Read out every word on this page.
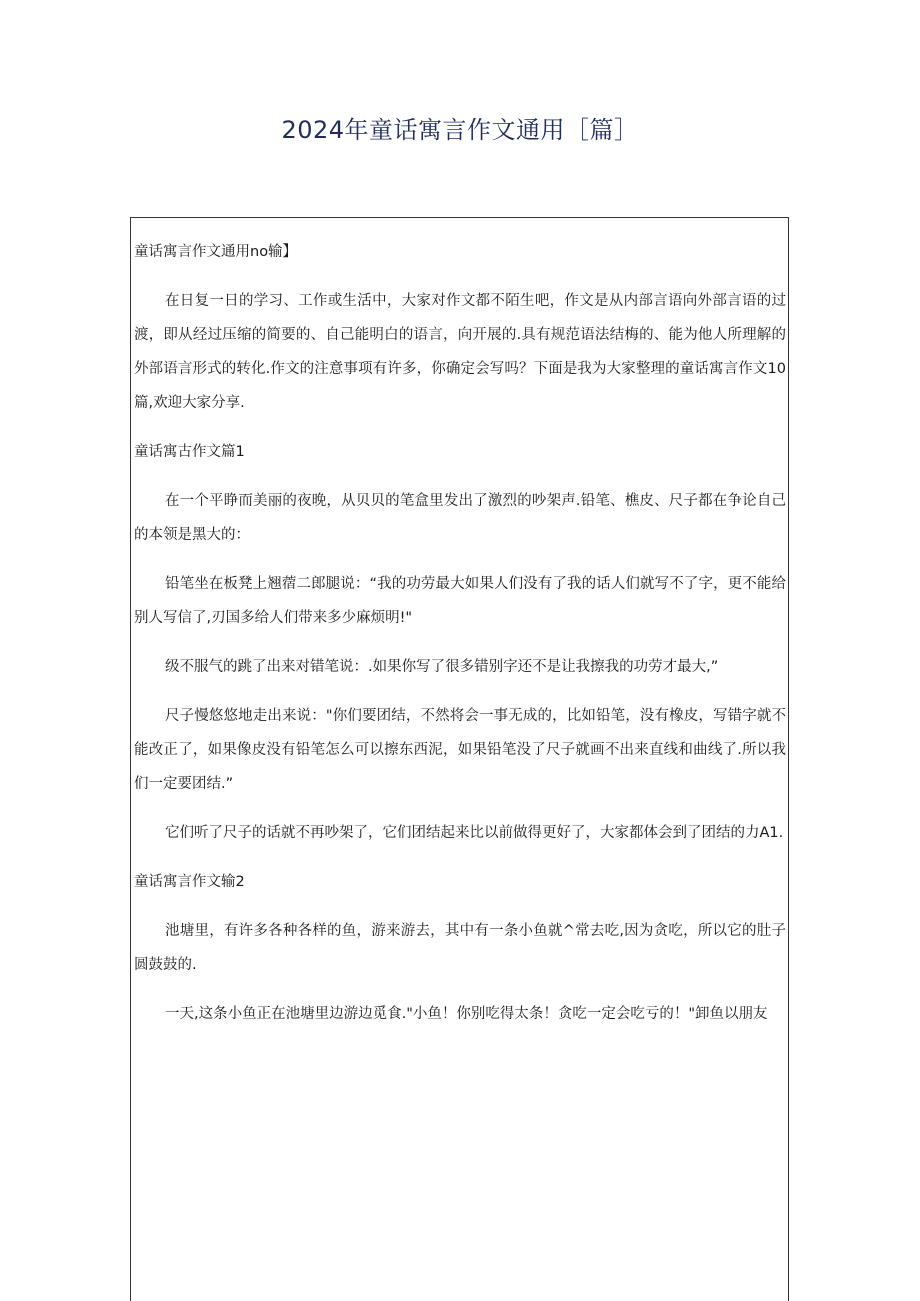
2024年童话寓言作文通用［篇］

童话寓言作文通用no输】

在日复一日的学习、工作或生活中，大家对作文都不陌生吧，作文是从内部言语向外部言语的过渡，即从经过压缩的简要的、自己能明白的语言，向开展的.具有规范语法结梅的、能为他人所理解的外部语言形式的转化.作文的注意事项有许多，你确定会写吗？下面是我为大家整理的童话寓言作文10篇,欢迎大家分享.

童话寓古作文篇1

在一个平睁而美丽的夜晚，从贝贝的笔盒里发出了激烈的吵架声.铅笔、樵皮、尺子都在争论自己的本领是黑大的：

铅笔坐在板凳上翘蓿二郎腿说：“我的功劳最大如果人们没有了我的话人们就写不了字，更不能给别人写信了,刃国多给人们带来多少麻烦明!"

级不服气的跳了出来对错笔说：.如果你写了很多错别字还不是让我擦我的功劳才最大,”

尺子慢悠悠地走出来说："你们要团结，不然将会一事无成的，比如铅笔，没有橡皮，写错字就不能改正了，如果像皮没有铅笔怎么可以擦东西泥，如果铅笔没了尺子就画不出来直线和曲线了.所以我们一定要团结.”

它们听了尺子的话就不再吵架了，它们团结起来比以前做得更好了，大家都体会到了团结的力A1.

童话寓言作文输2

池塘里，有许多各种各样的鱼，游来游去，其中有一条小鱼就^常去吃,因为贪吃，所以它的肚子圆鼓鼓的.

一天,这条小鱼正在池塘里边游边觅食."小鱼！你别吃得太条！贪吃一定会吃亏的！"卸鱼以朋友
